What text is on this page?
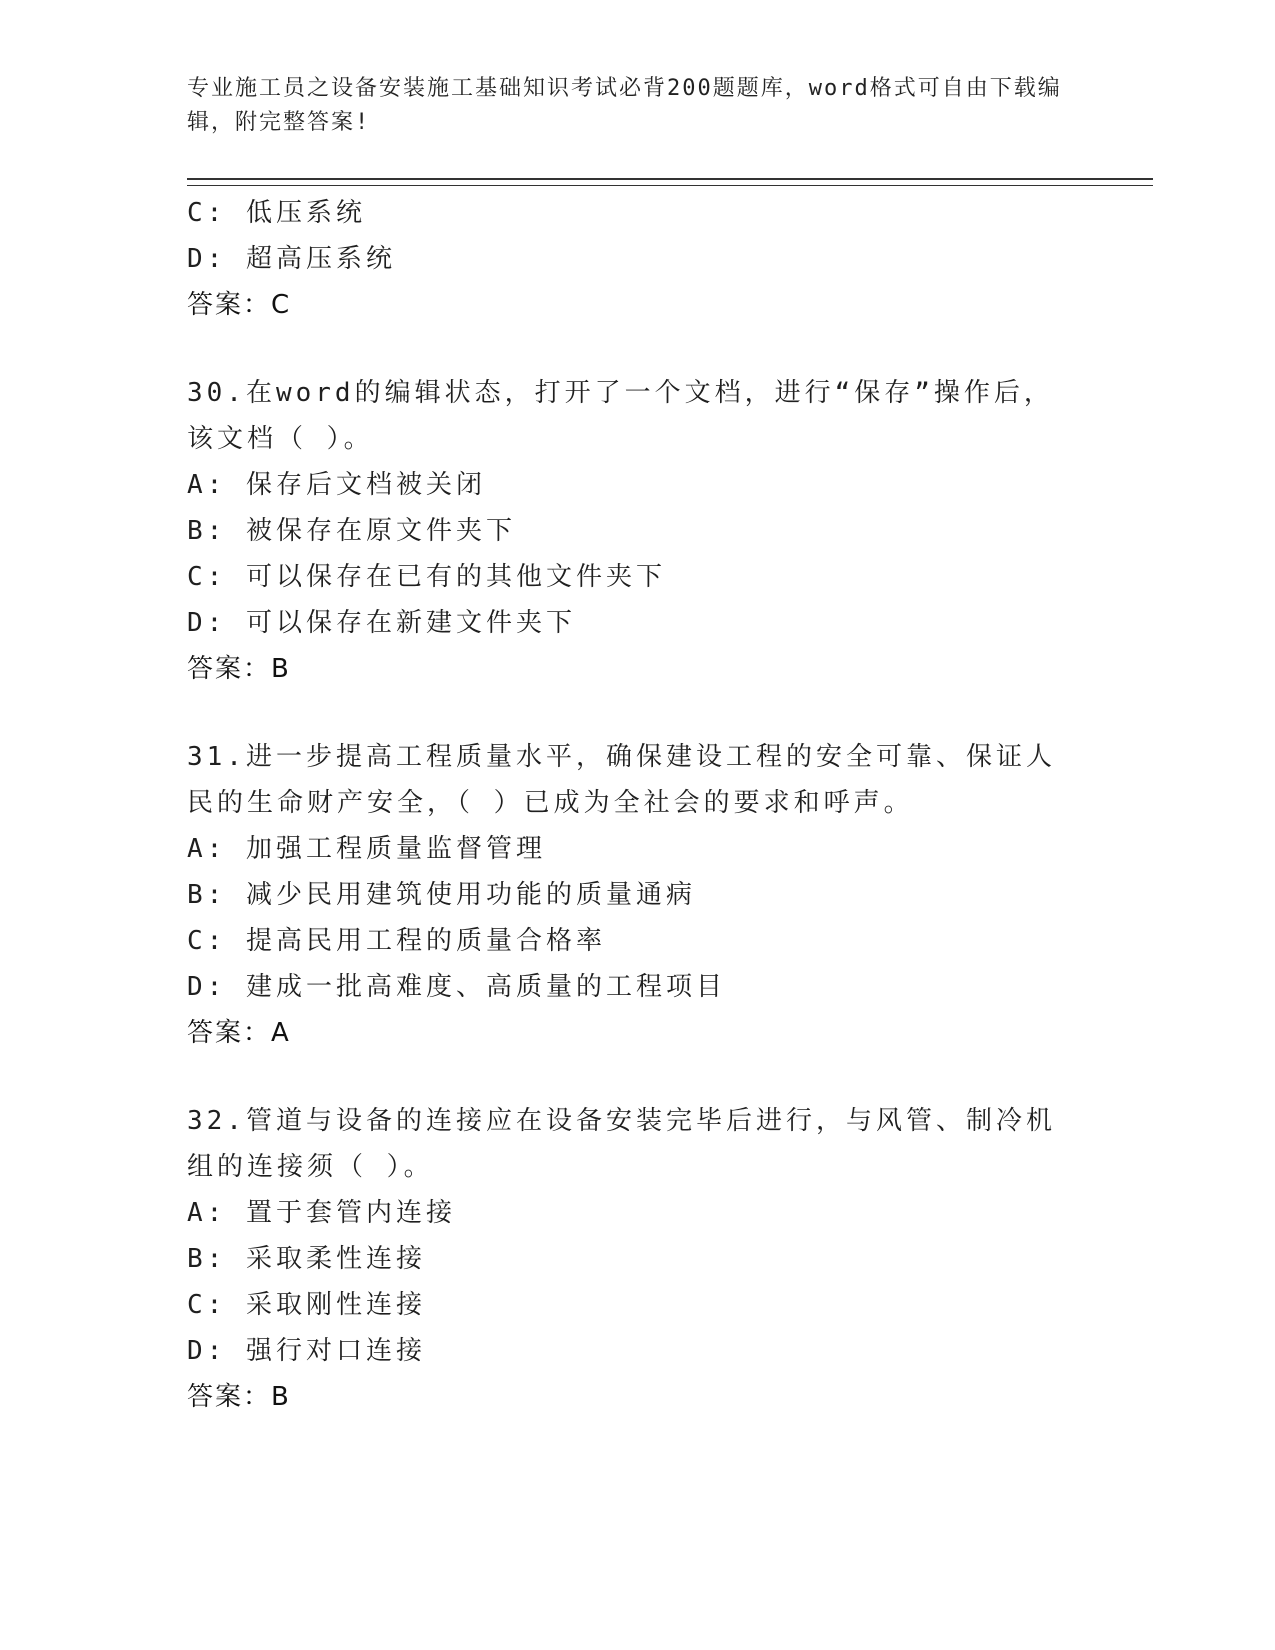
专业施工员之设备安装施工基础知识考试必背200题题库，word格式可自由下载编辑，附完整答案!
C: 低压系统
D: 超高压系统
答案：C
30.在word的编辑状态，打开了一个文档，进行“保存”操作后，该文档（ ）。
A: 保存后文档被关闭
B: 被保存在原文件夹下
C: 可以保存在已有的其他文件夹下
D: 可以保存在新建文件夹下
答案：B
31.进一步提高工程质量水平，确保建设工程的安全可靠、保证人民的生命财产安全，（ ）已成为全社会的要求和呼声。
A: 加强工程质量监督管理
B: 减少民用建筑使用功能的质量通病
C: 提高民用工程的质量合格率
D: 建成一批高难度、高质量的工程项目
答案：A
32.管道与设备的连接应在设备安装完毕后进行，与风管、制冷机组的连接须（ ）。
A: 置于套管内连接
B: 采取柔性连接
C: 采取刚性连接
D: 强行对口连接
答案：B
